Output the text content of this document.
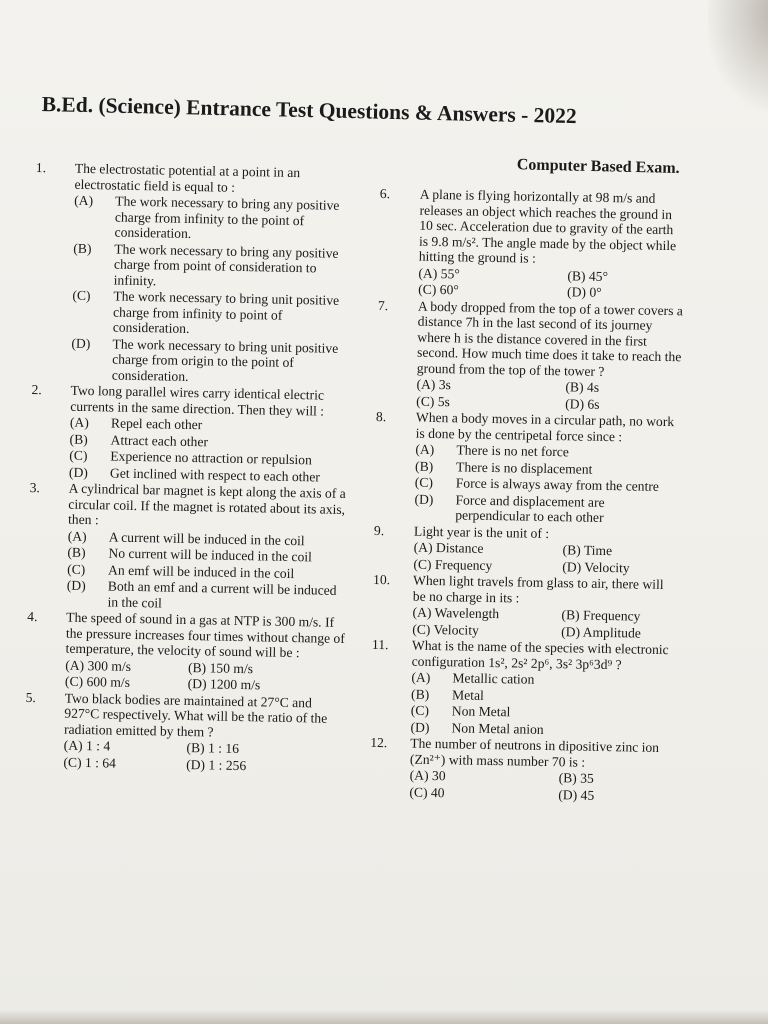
B.Ed. (Science) Entrance Test Questions & Answers - 2022
Computer Based Exam.
1. The electrostatic potential at a point in an electrostatic field is equal to :
(A) The work necessary to bring any positive charge from infinity to the point of consideration.
(B) The work necessary to bring any positive charge from point of consideration to infinity.
(C) The work necessary to bring unit positive charge from infinity to point of consideration.
(D) The work necessary to bring unit positive charge from origin to the point of consideration.
2. Two long parallel wires carry identical electric currents in the same direction. Then they will :
(A) Repel each other
(B) Attract each other
(C) Experience no attraction or repulsion
(D) Get inclined with respect to each other
3. A cylindrical bar magnet is kept along the axis of a circular coil. If the magnet is rotated about its axis, then :
(A) A current will be induced in the coil
(B) No current will be induced in the coil
(C) An emf will be induced in the coil
(D) Both an emf and a current will be induced in the coil
4. The speed of sound in a gas at NTP is 300 m/s. If the pressure increases four times without change of temperature, the velocity of sound will be :
(A) 300 m/s	(B) 150 m/s
(C) 600 m/s	(D) 1200 m/s
5. Two black bodies are maintained at 27°C and 927°C respectively. What will be the ratio of the radiation emitted by them ?
(A) 1 : 4	(B) 1 : 16
(C) 1 : 64	(D) 1 : 256
6. A plane is flying horizontally at 98 m/s and releases an object which reaches the ground in 10 sec. Acceleration due to gravity of the earth is 9.8 m/s². The angle made by the object while hitting the ground is :
(A) 55°	(B) 45°
(C) 60°	(D) 0°
7. A body dropped from the top of a tower covers a distance 7h in the last second of its journey where h is the distance covered in the first second. How much time does it take to reach the ground from the top of the tower ?
(A) 3s	(B) 4s
(C) 5s	(D) 6s
8. When a body moves in a circular path, no work is done by the centripetal force since :
(A) There is no net force
(B) There is no displacement
(C) Force is always away from the centre
(D) Force and displacement are perpendicular to each other
9. Light year is the unit of :
(A) Distance	(B) Time
(C) Frequency	(D) Velocity
10. When light travels from glass to air, there will be no charge in its :
(A) Wavelength	(B) Frequency
(C) Velocity	(D) Amplitude
11. What is the name of the species with electronic configuration 1s², 2s² 2p⁶, 3s² 3p⁶3d⁹ ?
(A) Metallic cation
(B) Metal
(C) Non Metal
(D) Non Metal anion
12. The number of neutrons in dipositive zinc ion (Zn²⁺) with mass number 70 is :
(A) 30	(B) 35
(C) 40	(D) 45
